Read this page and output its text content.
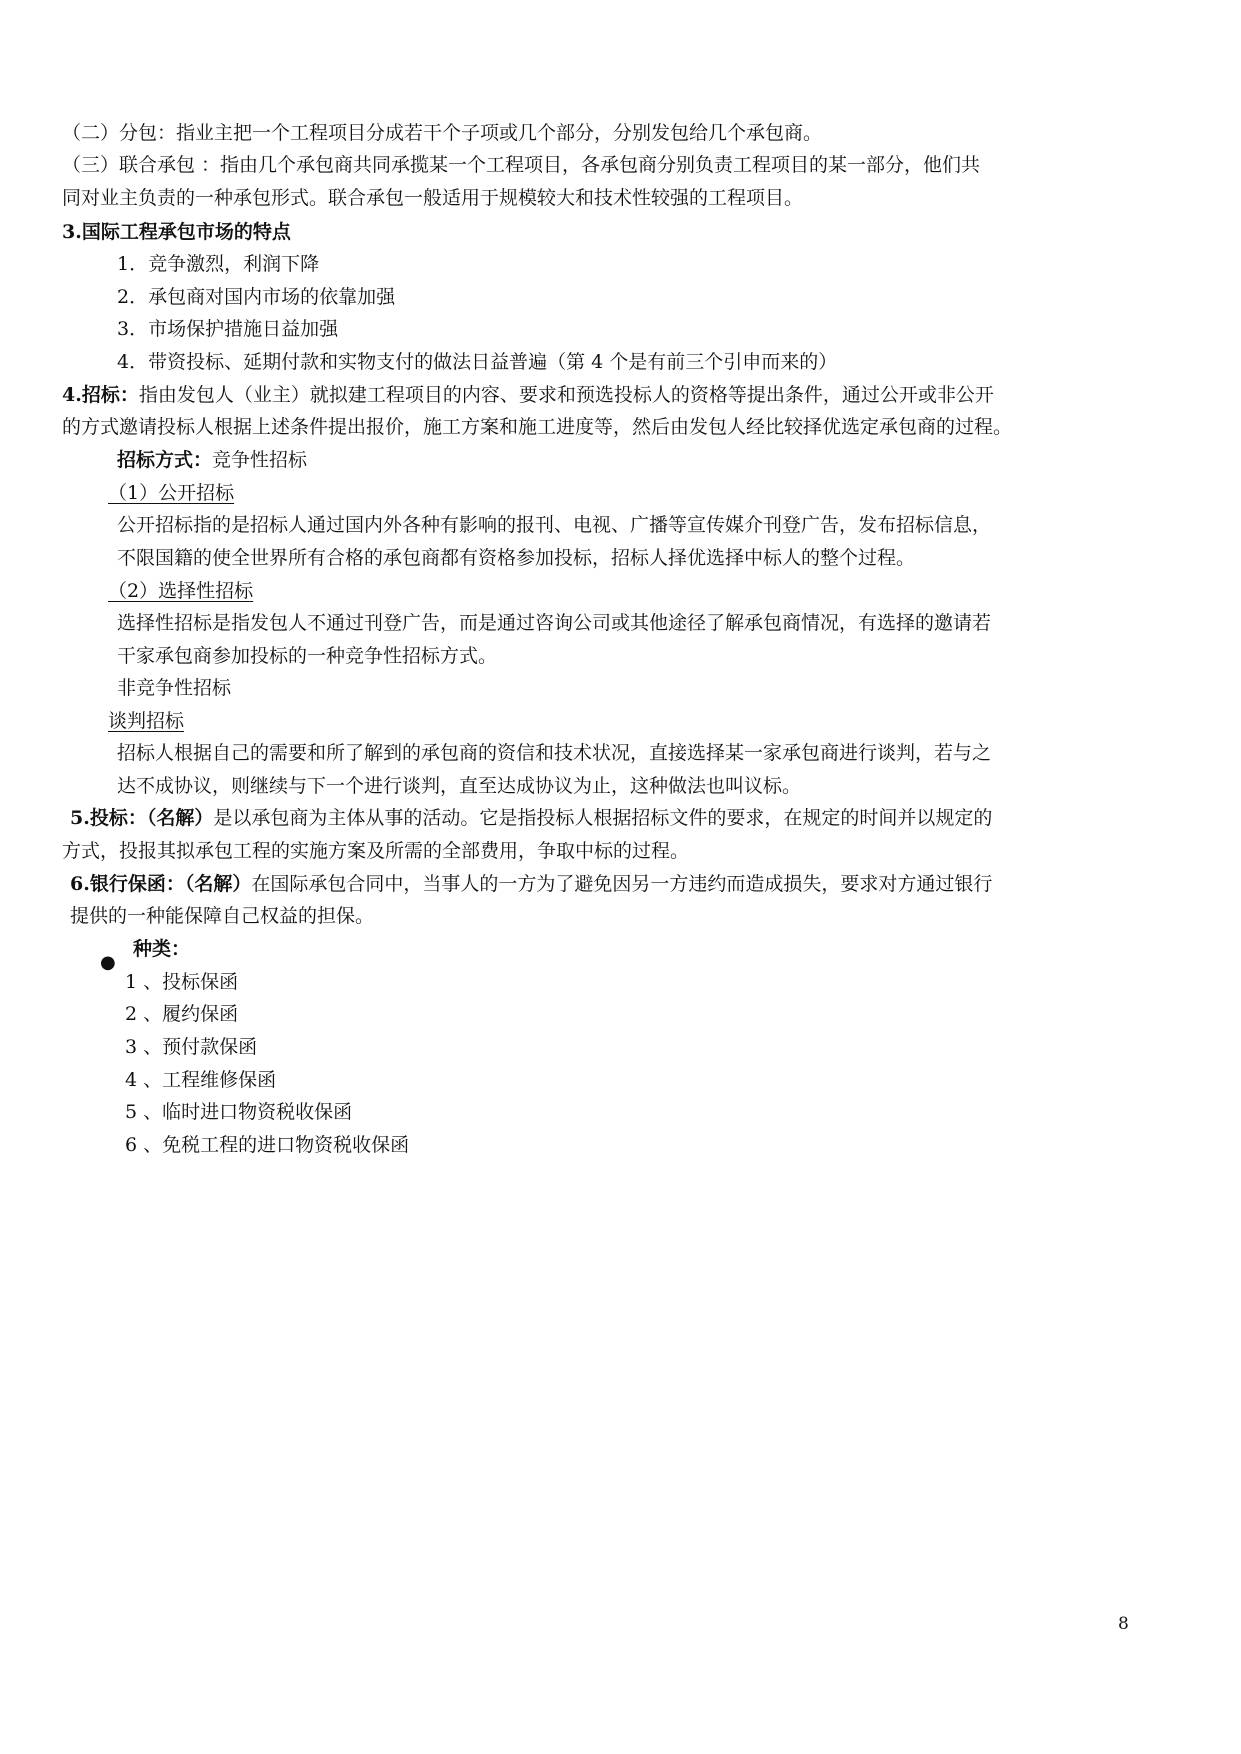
（二）分包：指业主把一个工程项目分成若干个子项或几个部分，分别发包给几个承包商。
（三）联合承包 ：指由几个承包商共同承揽某一个工程项目，各承包商分别负责工程项目的某一部分，他们共
同对业主负责的一种承包形式。联合承包一般适用于规模较大和技术性较强的工程项目。
3.国际工程承包市场的特点
1．竞争激烈，利润下降
2．承包商对国内市场的依靠加强
3．市场保护措施日益加强
4．带资投标、延期付款和实物支付的做法日益普遍（第 4 个是有前三个引申而来的）
4.招标：指由发包人（业主）就拟建工程项目的内容、要求和预选投标人的资格等提出条件，通过公开或非公开
的方式邀请投标人根据上述条件提出报价，施工方案和施工进度等，然后由发包人经比较择优选定承包商的过程。
招标方式：竞争性招标
（1）公开招标
公开招标指的是招标人通过国内外各种有影响的报刊、电视、广播等宣传媒介刊登广告，发布招标信息，
不限国籍的使全世界所有合格的承包商都有资格参加投标，招标人择优选择中标人的整个过程。
（2）选择性招标
选择性招标是指发包人不通过刊登广告，而是通过咨询公司或其他途径了解承包商情况，有选择的邀请若
干家承包商参加投标的一种竞争性招标方式。
非竞争性招标
谈判招标
招标人根据自己的需要和所了解到的承包商的资信和技术状况，直接选择某一家承包商进行谈判，若与之
达不成协议，则继续与下一个进行谈判，直至达成协议为止，这种做法也叫议标。
5.投标：（名解）是以承包商为主体从事的活动。它是指投标人根据招标文件的要求，在规定的时间并以规定的
方式，投报其拟承包工程的实施方案及所需的全部费用，争取中标的过程。
6.银行保函：（名解）在国际承包合同中，当事人的一方为了避免因另一方违约而造成损失，要求对方通过银行
提供的一种能保障自己权益的担保。
●
种类：
1 、投标保函
2 、履约保函
3 、预付款保函
4 、工程维修保函
5 、临时进口物资税收保函
6 、免税工程的进口物资税收保函
8
